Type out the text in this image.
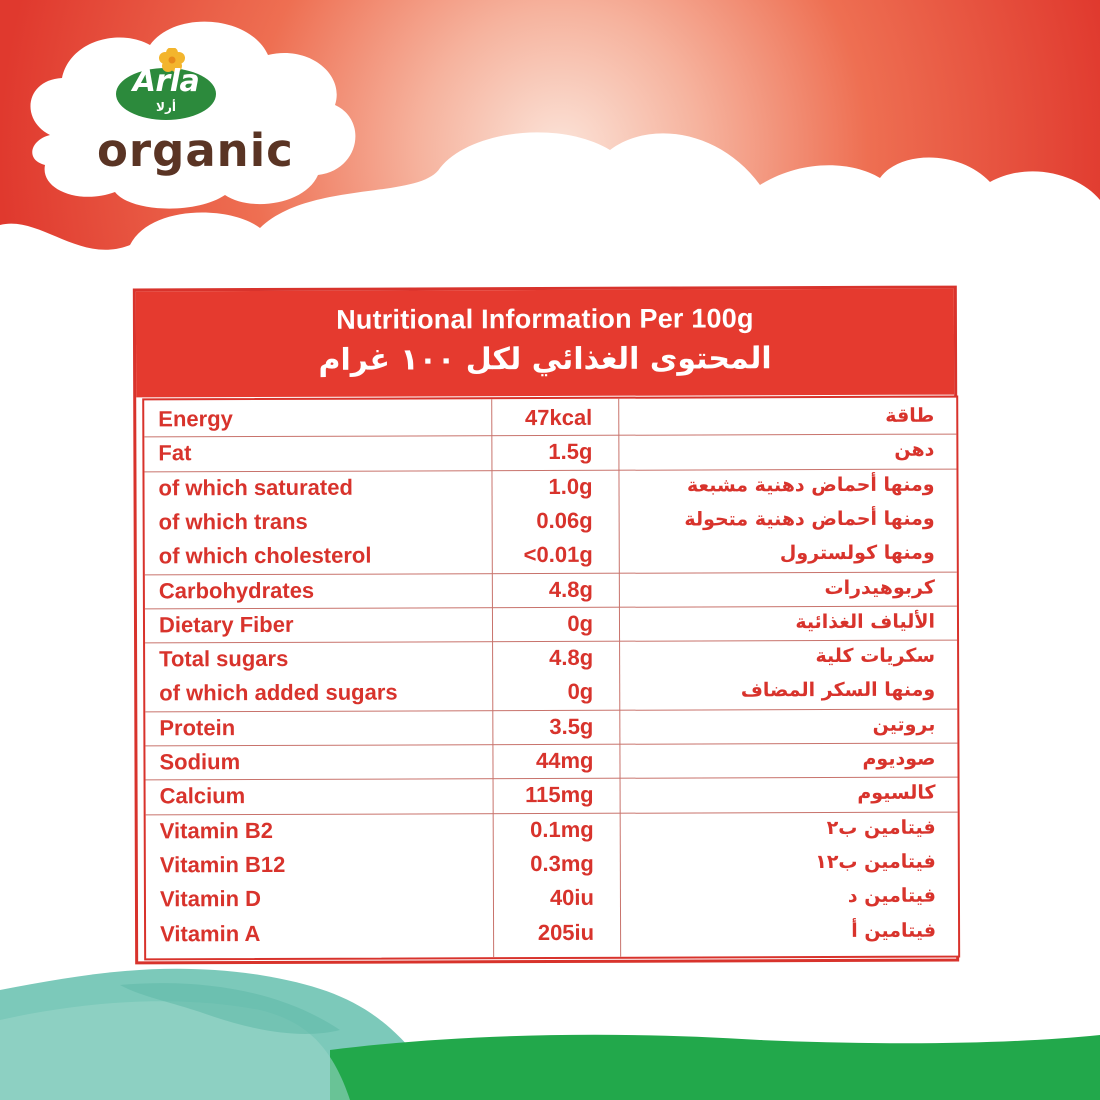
Arla
أرلا
organic
Nutritional Information Per 100g
المحتوى الغذائي لكل ١٠٠ غرام
Energy	47kcal	طاقة
Fat	1.5g	دهن
of which saturated	1.0g	ومنها أحماض دهنية مشبعة
of which trans	0.06g	ومنها أحماض دهنية متحولة
of which cholesterol	<0.01g	ومنها كولسترول
Carbohydrates	4.8g	كربوهيدرات
Dietary Fiber	0g	الألياف الغذائية
Total sugars	4.8g	سكريات كلية
of which added sugars	0g	ومنها السكر المضاف
Protein	3.5g	بروتين
Sodium	44mg	صوديوم
Calcium	115mg	كالسيوم
Vitamin B2	0.1mg	فيتامين ب٢
Vitamin B12	0.3mg	فيتامين ب١٢
Vitamin D	40iu	فيتامين د
Vitamin A	205iu	فيتامين أ
